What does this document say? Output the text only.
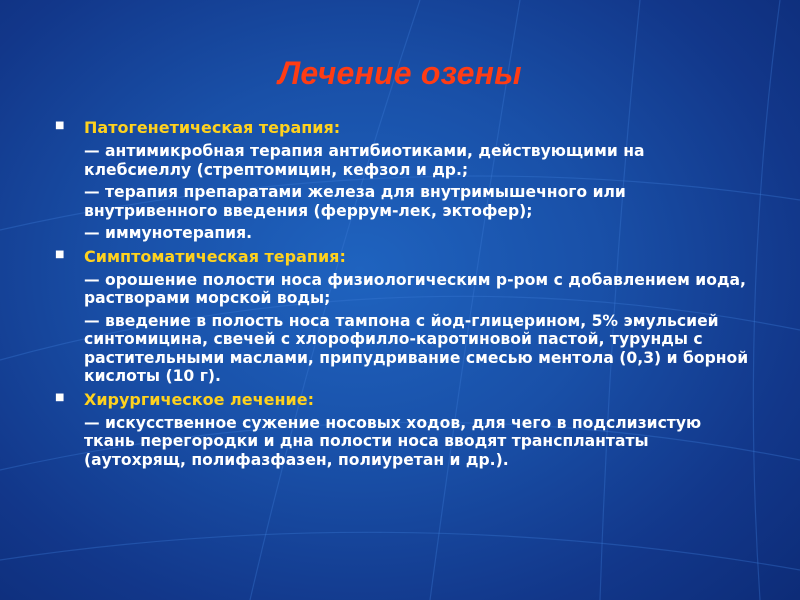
Лечение озены
■ Патогенетическая терапия:
— антимикробная терапия антибиотиками, действующими на клебсиеллу (стрептомицин, кефзол и др.;
— терапия препаратами железа для внутримышечного или внутривенного введения (феррум-лек, эктофер);
— иммунотерапия.
■ Симптоматическая терапия:
— орошение полости носа физиологическим р-ром с добавлением иода, растворами морской воды;
— введение в полость носа тампона с йод-глицерином, 5% эмульсией синтомицина, свечей с хлорофилло-каротиновой пастой, турунды с растительными маслами, припудривание смесью ментола (0,3) и борной кислоты (10 г).
■ Хирургическое лечение:
— искусственное сужение носовых ходов, для чего в подслизистую ткань перегородки и дна полости носа вводят трансплантаты (аутохрящ, полифазфазен, полиуретан и др.).
